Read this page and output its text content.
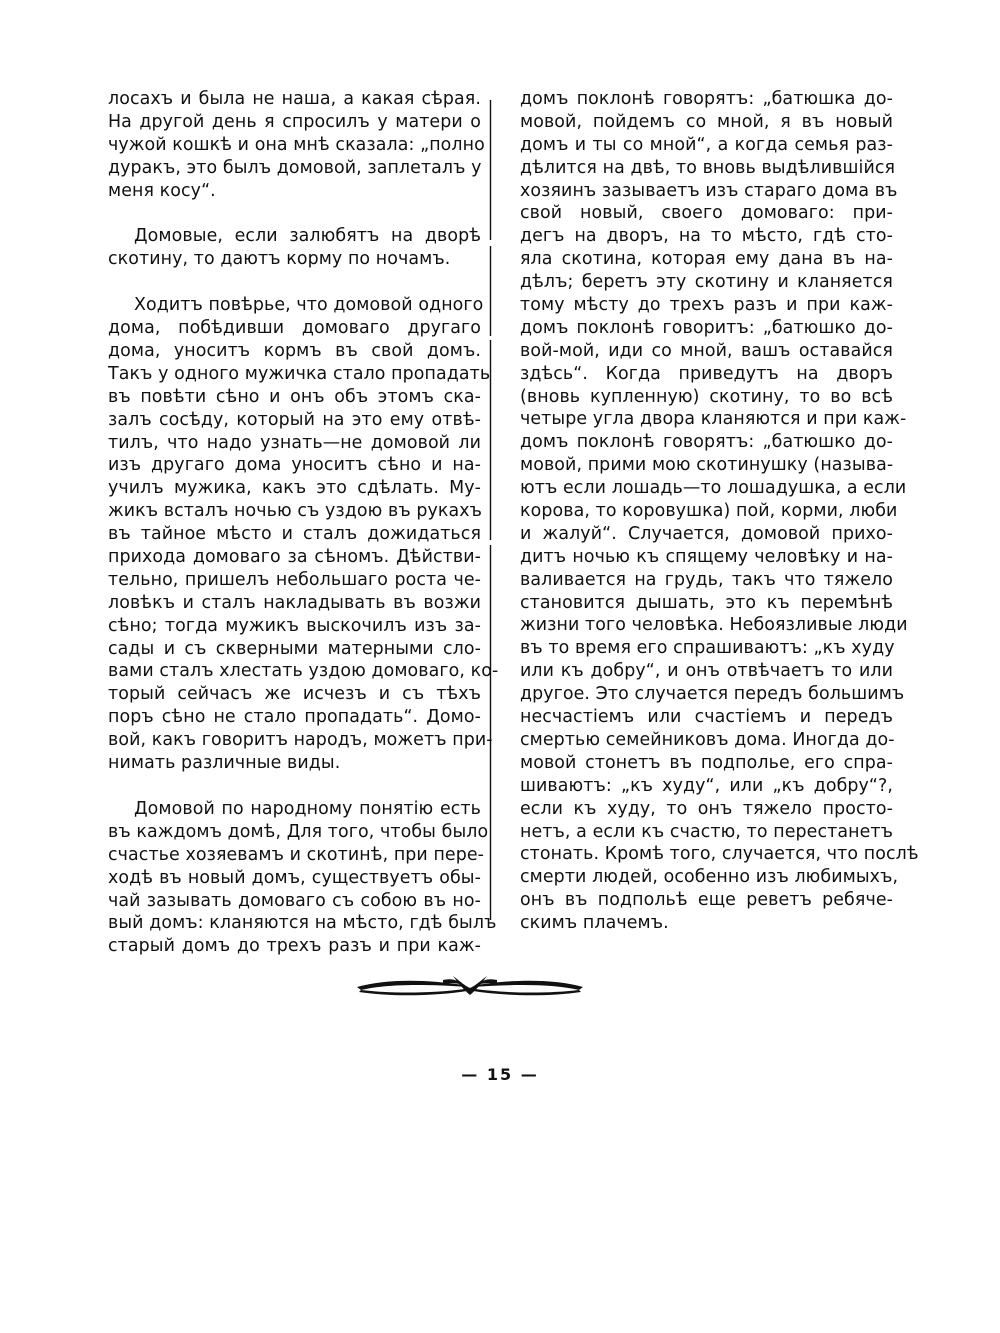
лосахъ и была не наша, а какая сѣрая.
На другой день я спросилъ у матери о
чужой кошкѣ и она мнѣ сказала: „полно
дуракъ, это былъ домовой, заплеталъ у
меня косу“.
Домовые, если залюбятъ на дворѣ
скотину, то даютъ корму по ночамъ.
Ходитъ повѣрье, что домовой одного
дома, побѣдивши домоваго другаго
дома, уноситъ кормъ въ свой домъ.
Такъ у одного мужичка стало пропадать
въ повѣти сѣно и онъ объ этомъ ска-
залъ сосѣду, который на это ему отвѣ-
тилъ, что надо узнать—не домовой ли
изъ другаго дома уноситъ сѣно и на-
училъ мужика, какъ это сдѣлать. Му-
жикъ всталъ ночью съ уздою въ рукахъ
въ тайное мѣсто и сталъ дожидаться
прихода домоваго за сѣномъ. Дѣйстви-
тельно, пришелъ небольшаго роста че-
ловѣкъ и сталъ накладывать въ возжи
сѣно; тогда мужикъ выскочилъ изъ за-
сады и съ скверными матерными сло-
вами сталъ хлестать уздою домоваго, ко-
торый сейчасъ же исчезъ и съ тѣхъ
поръ сѣно не стало пропадать“. Домо-
вой, какъ говоритъ народъ, можетъ при-
нимать различные виды.
Домовой по народному понятію есть
въ каждомъ домѣ, Для того, чтобы было
счастье хозяевамъ и скотинѣ, при пере-
ходѣ въ новый домъ, существуетъ обы-
чай зазывать домоваго съ собою въ но-
вый домъ: кланяются на мѣсто, гдѣ былъ
старый домъ до трехъ разъ и при каж-
домъ поклонѣ говорятъ: „батюшка до-
мовой, пойдемъ со мной, я въ новый
домъ и ты со мной“, а когда семья раз-
дѣлится на двѣ, то вновь выдѣлившійся
хозяинъ зазываетъ изъ стараго дома въ
свой новый, своего домоваго: при-
дегъ на дворъ, на то мѣсто, гдѣ сто-
яла скотина, которая ему дана въ на-
дѣлъ; беретъ эту скотину и кланяется
тому мѣсту до трехъ разъ и при каж-
домъ поклонѣ говоритъ: „батюшко до-
вой-мой, иди со мной, вашъ оставайся
здѣсь“. Когда приведутъ на дворъ
(вновь купленную) скотину, то во всѣ
четыре угла двора кланяются и при каж-
домъ поклонѣ говорятъ: „батюшко до-
мовой, прими мою скотинушку (называ-
ютъ если лошадь—то лошадушка, а если
корова, то коровушка) пой, корми, люби
и жалуй“. Случается, домовой прихо-
дитъ ночью къ спящему человѣку и на-
валивается на грудь, такъ что тяжело
становится дышать, это къ перемѣнѣ
жизни того человѣка. Небоязливые люди
въ то время его спрашиваютъ: „къ худу
или къ добру“, и онъ отвѣчаетъ то или
другое. Это случается передъ большимъ
несчастіемъ или счастіемъ и передъ
смертью семейниковъ дома. Иногда до-
мовой стонетъ въ подполье, его спра-
шиваютъ: „къ худу“, или „къ добру“?,
если къ худу, то онъ тяжело просто-
нетъ, а если къ счастю, то перестанетъ
стонать. Кромѣ того, случается, что послѣ
смерти людей, особенно изъ любимыхъ,
онъ въ подпольѣ еще реветъ ребяче-
скимъ плачемъ.
— 15 —
